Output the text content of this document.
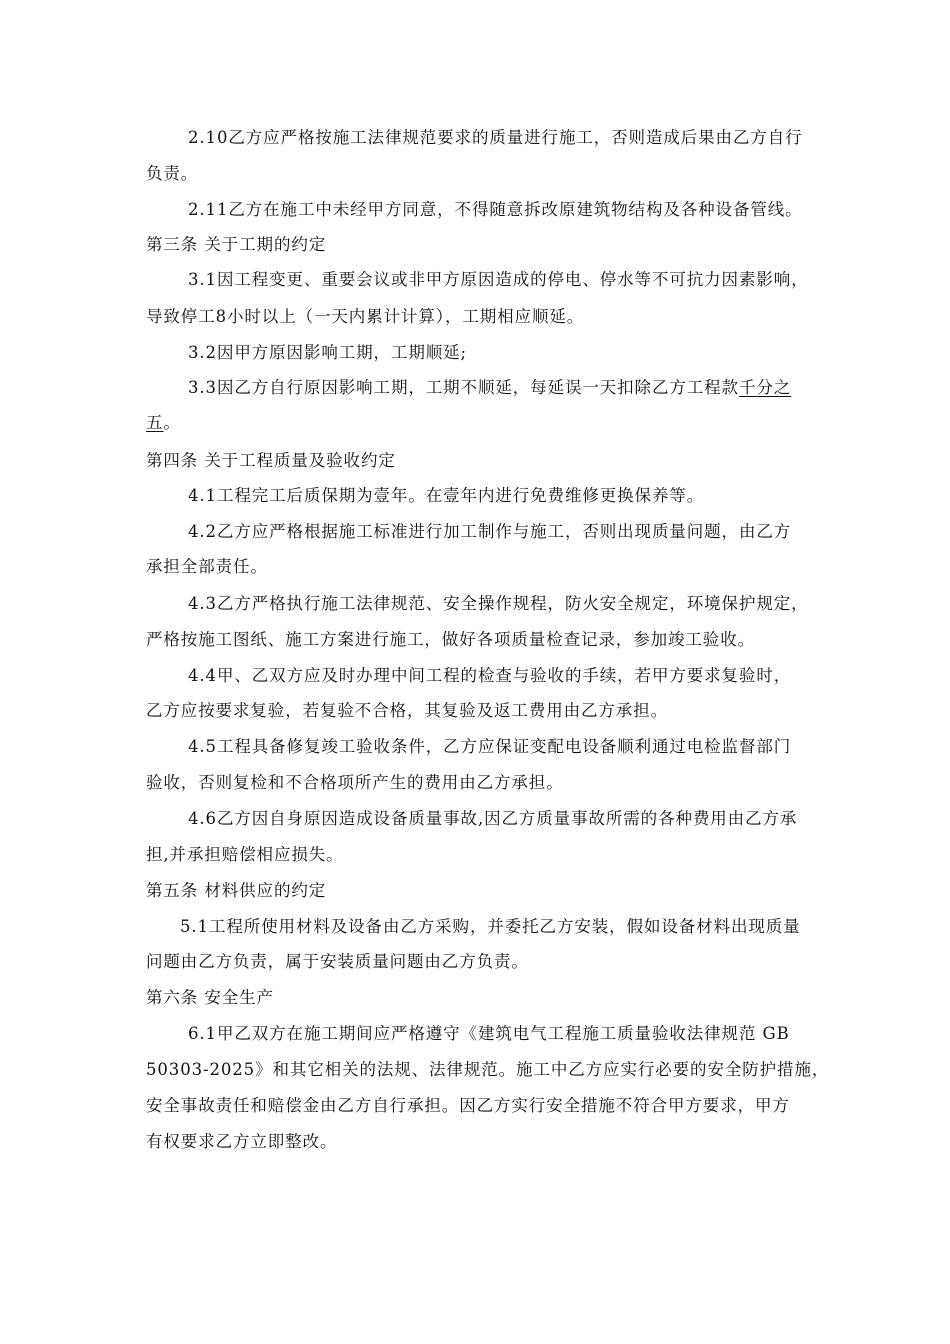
2.10乙方应严格按施工法律规范要求的质量进行施工，否则造成后果由乙方自行
负责。
2.11乙方在施工中未经甲方同意，不得随意拆改原建筑物结构及各种设备管线。
第三条 关于工期的约定
3.1因工程变更、重要会议或非甲方原因造成的停电、停水等不可抗力因素影响，
导致停工8小时以上（一天内累计计算），工期相应顺延。
3.2因甲方原因影响工期，工期顺延;
3.3因乙方自行原因影响工期，工期不顺延，每延误一天扣除乙方工程款千分之
五。
第四条 关于工程质量及验收约定
4.1工程完工后质保期为壹年。在壹年内进行免费维修更换保养等。
4.2乙方应严格根据施工标准进行加工制作与施工，否则出现质量问题，由乙方
承担全部责任。
4.3乙方严格执行施工法律规范、安全操作规程，防火安全规定，环境保护规定，
严格按施工图纸、施工方案进行施工，做好各项质量检查记录，参加竣工验收。
4.4甲、乙双方应及时办理中间工程的检查与验收的手续，若甲方要求复验时，
乙方应按要求复验，若复验不合格，其复验及返工费用由乙方承担。
4.5工程具备修复竣工验收条件，乙方应保证变配电设备顺利通过电检监督部门
验收，否则复检和不合格项所产生的费用由乙方承担。
4.6乙方因自身原因造成设备质量事故,因乙方质量事故所需的各种费用由乙方承
担,并承担赔偿相应损失。
第五条 材料供应的约定
5.1工程所使用材料及设备由乙方采购，并委托乙方安装，假如设备材料出现质量
问题由乙方负责，属于安装质量问题由乙方负责。
第六条 安全生产
6.1甲乙双方在施工期间应严格遵守《建筑电气工程施工质量验收法律规范 GB
50303-2025》和其它相关的法规、法律规范。施工中乙方应实行必要的安全防护措施，
安全事故责任和赔偿金由乙方自行承担。因乙方实行安全措施不符合甲方要求，甲方
有权要求乙方立即整改。
